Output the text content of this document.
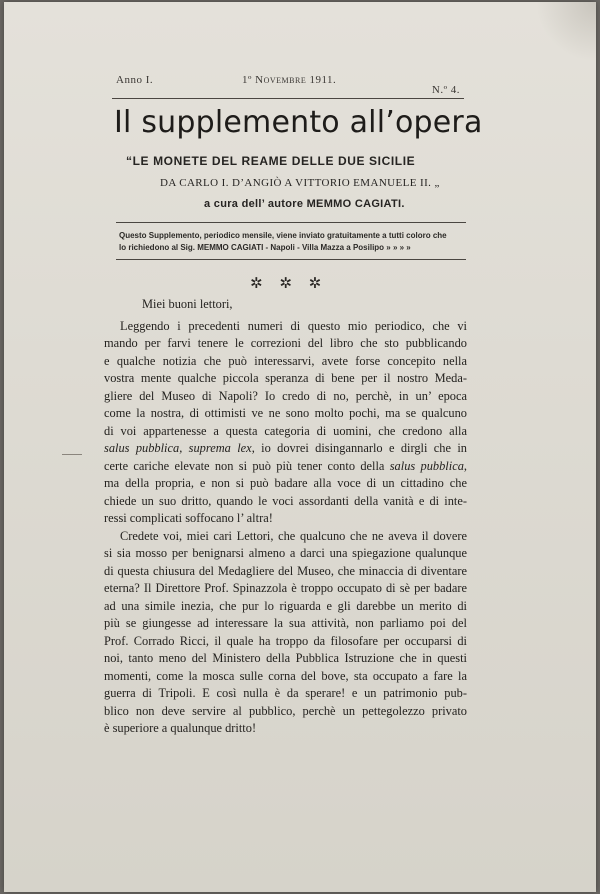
Anno I.	1º Novembre 1911.
N.º 4.
Il supplemento all’opera
“LE MONETE DEL REAME DELLE DUE SICILIE
DA CARLO I. D’ANGIÒ A VITTORIO EMANUELE II. „
a cura dell’ autore MEMMO CAGIATI.
Questo Supplemento, periodico mensile, viene inviato gratuitamente a tutti coloro che
lo richiedono al Sig. MEMMO CAGIATI - Napoli - Villa Mazza a Posilipo » » » »
✲ ✲ ✲
Miei buoni lettori,
Leggendo i precedenti numeri di questo mio periodico, che vi
mando per farvi tenere le correzioni del libro che sto pubblicando
e qualche notizia che può interessarvi, avete forse concepito nella
vostra mente qualche piccola speranza di bene per il nostro Meda-
gliere del Museo di Napoli? Io credo di no, perchè, in un’ epoca
come la nostra, di ottimisti ve ne sono molto pochi, ma se qualcuno
di voi appartenesse a questa categoria di uomini, che credono alla
salus pubblica, suprema lex, io dovrei disingannarlo e dirgli che in
certe cariche elevate non si può più tener conto della salus pubblica,
ma della propria, e non si può badare alla voce di un cittadino che
chiede un suo dritto, quando le voci assordanti della vanità e di inte-
ressi complicati soffocano l’ altra!
Credete voi, miei cari Lettori, che qualcuno che ne aveva il dovere
si sia mosso per benignarsi almeno a darci una spiegazione qualunque
di questa chiusura del Medagliere del Museo, che minaccia di diventare
eterna? Il Direttore Prof. Spinazzola è troppo occupato di sè per badare
ad una simile inezia, che pur lo riguarda e gli darebbe un merito di
più se giungesse ad interessare la sua attività, non parliamo poi del
Prof. Corrado Ricci, il quale ha troppo da filosofare per occuparsi di
noi, tanto meno del Ministero della Pubblica Istruzione che in questi
momenti, come la mosca sulle corna del bove, sta occupato a fare la
guerra di Tripoli. E così nulla è da sperare! e un patrimonio pub-
blico non deve servire al pubblico, perchè un pettegolezzo privato
è superiore a qualunque dritto!
